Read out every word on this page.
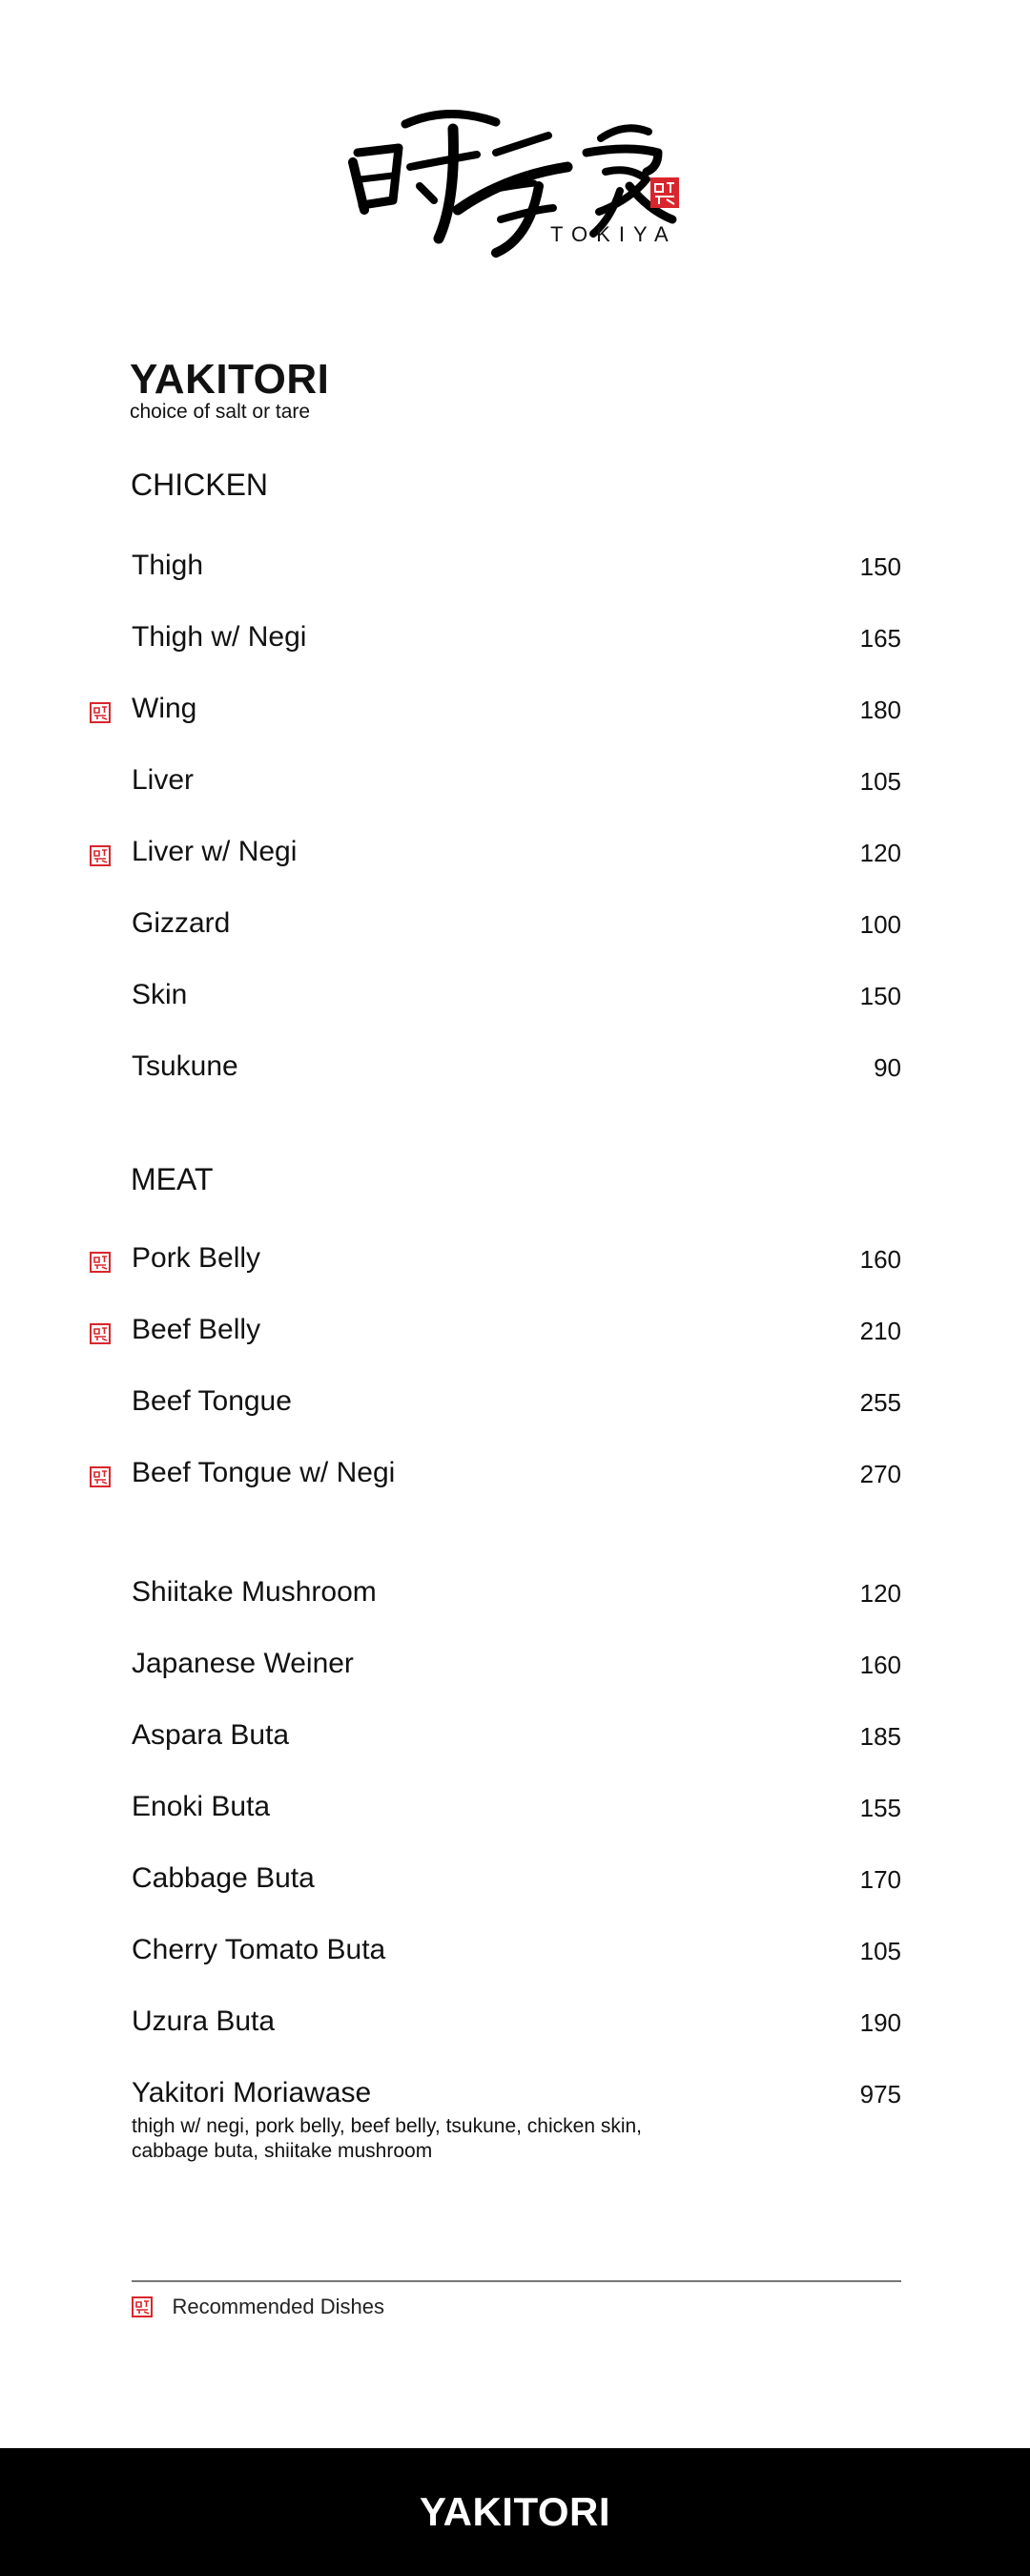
TOKIYA
YAKITORI
choice of salt or tare
CHICKEN
Thigh	150
Thigh w/ Negi	165
Wing	180
Liver	105
Liver w/ Negi	120
Gizzard	100
Skin	150
Tsukune	90
MEAT
Pork Belly	160
Beef Belly	210
Beef Tongue	255
Beef Tongue w/ Negi	270
Shiitake Mushroom	120
Japanese Weiner	160
Aspara Buta	185
Enoki Buta	155
Cabbage Buta	170
Cherry Tomato Buta	105
Uzura Buta	190
Yakitori Moriawase	975
thigh w/ negi, pork belly, beef belly, tsukune, chicken skin, cabbage buta, shiitake mushroom
Recommended Dishes
YAKITORI
